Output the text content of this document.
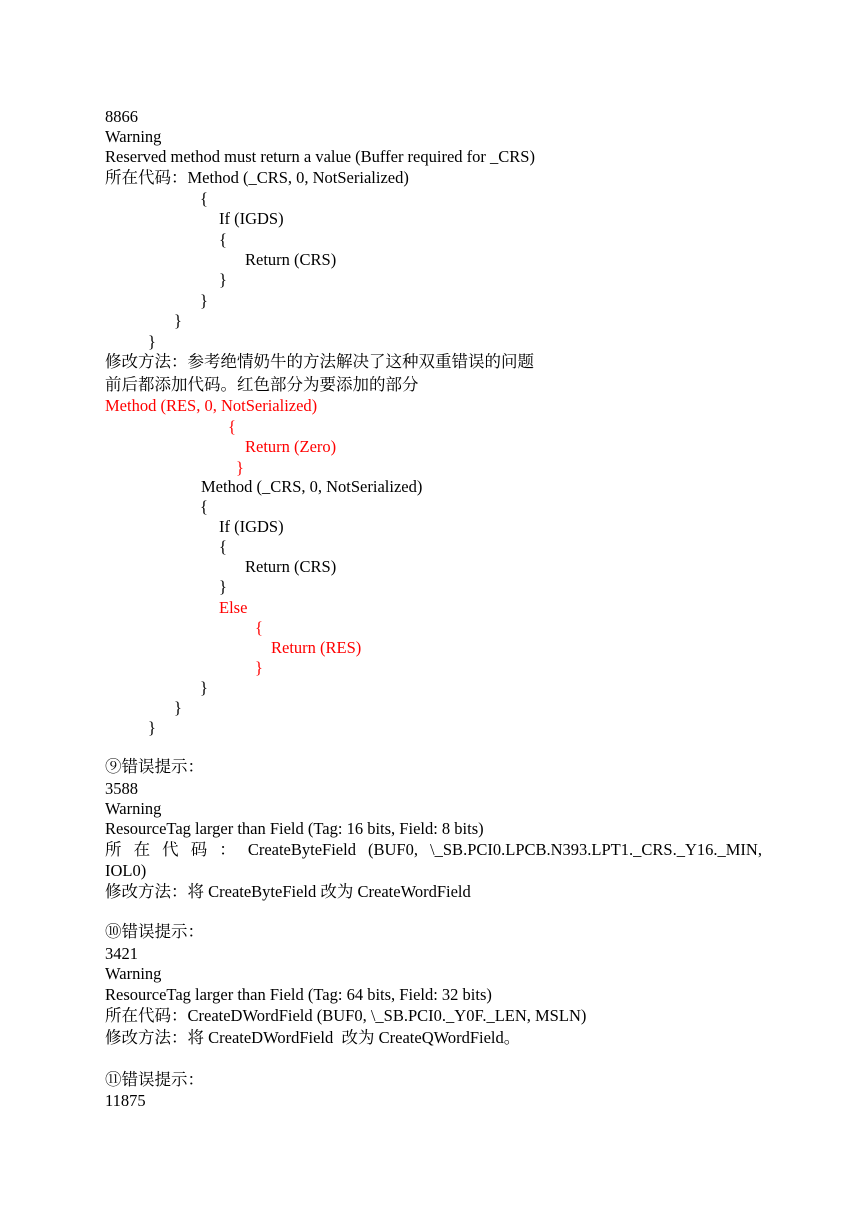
8866
Warning
Reserved method must return a value (Buffer required for _CRS)
所在代码：Method (_CRS, 0, NotSerialized)
{
If (IGDS)
{
Return (CRS)
}
}
}
}
修改方法：参考绝情奶牛的方法解决了这种双重错误的问题
前后都添加代码。红色部分为要添加的部分
Method (RES, 0, NotSerialized)
{
Return (Zero)
}
Method (_CRS, 0, NotSerialized)
{
If (IGDS)
{
Return (CRS)
}
Else
{
Return (RES)
}
}
}
}
⑨错误提示：
3588
Warning
ResourceTag larger than Field (Tag: 16 bits, Field: 8 bits)
所 在 代 码 ： CreateByteField (BUF0, \_SB.PCI0.LPCB.N393.LPT1._CRS._Y16._MIN,
IOL0)
修改方法：将 CreateByteField 改为 CreateWordField
⑩错误提示：
3421
Warning
ResourceTag larger than Field (Tag: 64 bits, Field: 32 bits)
所在代码：CreateDWordField (BUF0, \_SB.PCI0._Y0F._LEN, MSLN)
修改方法：将 CreateDWordField  改为 CreateQWordField。
⑪错误提示：
11875
